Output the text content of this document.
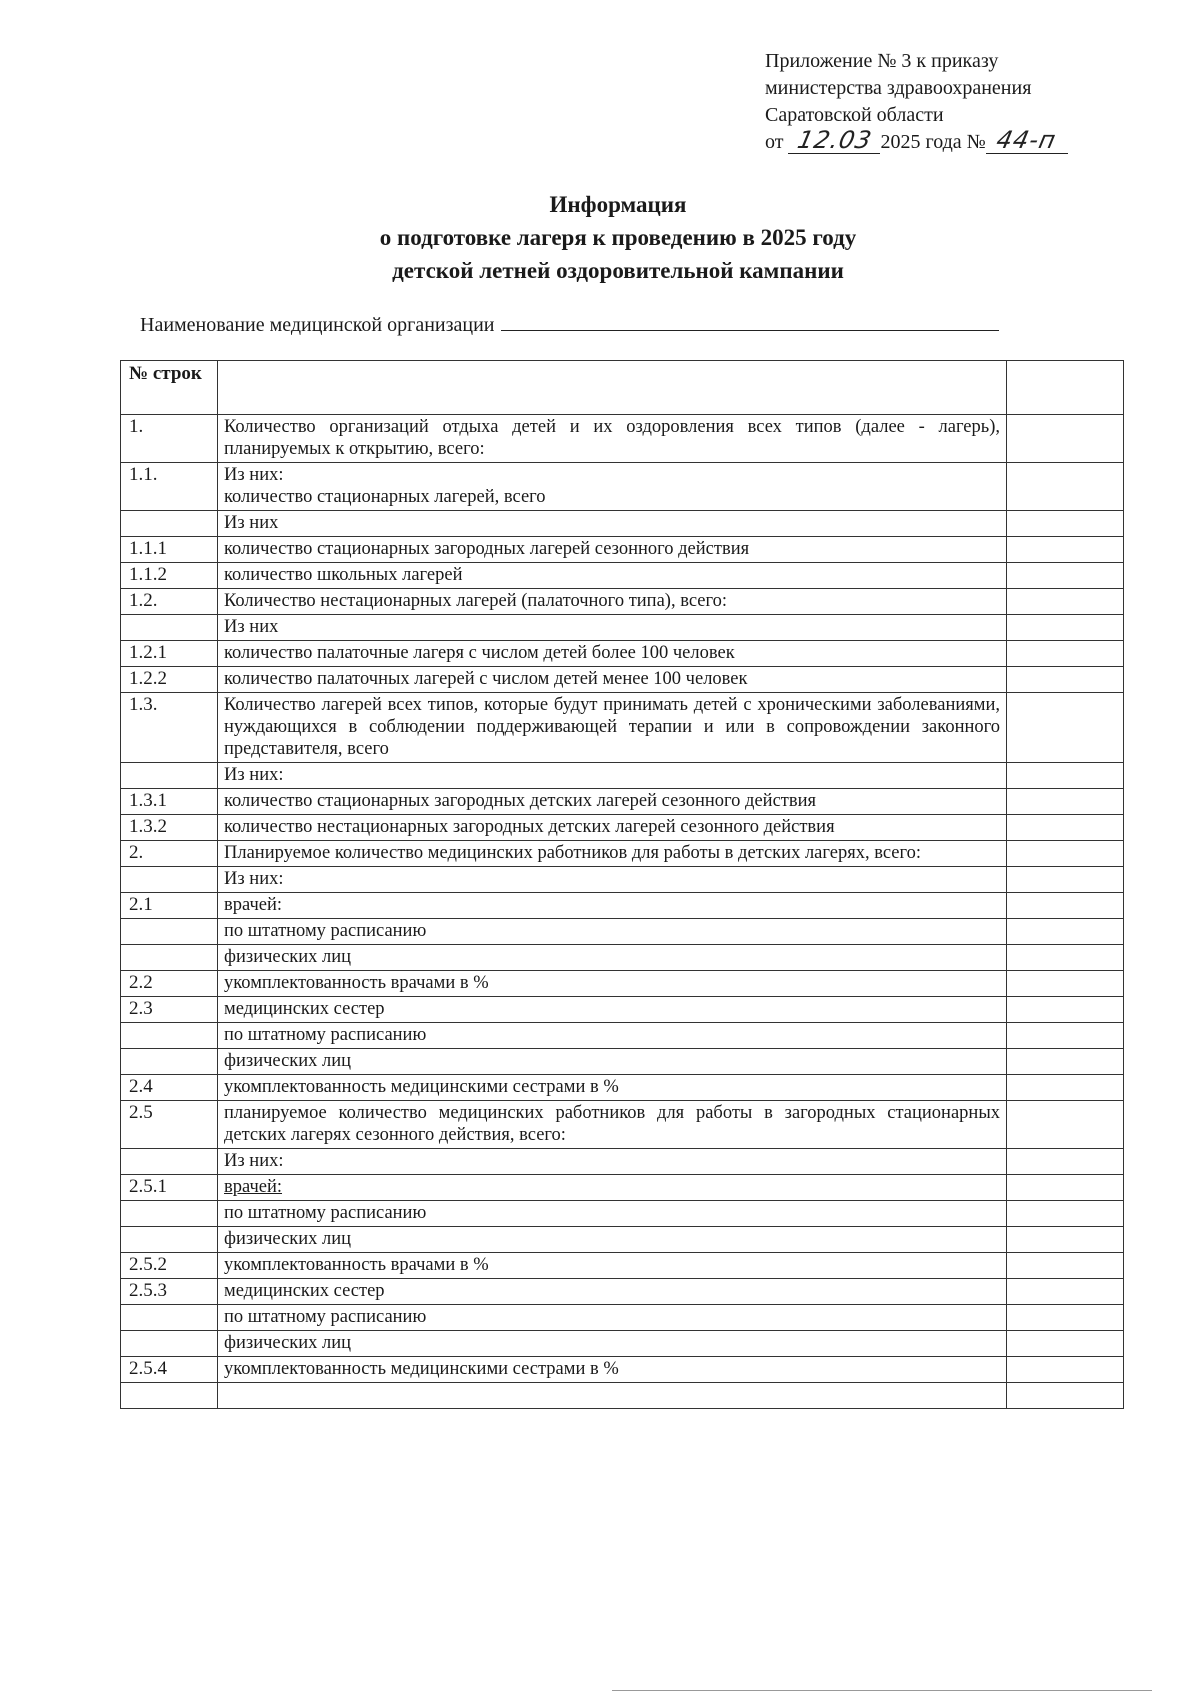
Приложение № 3 к приказу
министерства здравоохранения
Саратовской области
от 12.03 2025 года № 44-п
Информация
о подготовке лагеря к проведению в 2025 году
детской летней оздоровительной кампании
Наименование медицинской организации
№ строк		
1.	Количество организаций отдыха детей и их оздоровления всех типов (далее - лагерь), планируемых к открытию, всего:	
1.1.	Из них:
количество стационарных лагерей, всего	
	Из них	
1.1.1	количество стационарных загородных лагерей сезонного действия	
1.1.2	количество школьных лагерей	
1.2.	Количество нестационарных лагерей (палаточного типа), всего:	
	Из них	
1.2.1	количество палаточные лагеря с числом детей более 100 человек	
1.2.2	количество палаточных лагерей с числом детей менее 100 человек	
1.3.	Количество лагерей всех типов, которые будут принимать детей с хроническими заболеваниями, нуждающихся в соблюдении поддерживающей терапии и или в сопровождении законного представителя, всего	
	Из них:	
1.3.1	количество стационарных загородных детских лагерей сезонного действия	
1.3.2	количество нестационарных загородных детских лагерей сезонного действия	
2.	Планируемое количество медицинских работников для работы в детских лагерях, всего:	
	Из них:	
2.1	врачей:	
	по штатному расписанию	
	физических лиц	
2.2	укомплектованность врачами в %	
2.3	медицинских сестер	
	по штатному расписанию	
	физических лиц	
2.4	укомплектованность медицинскими сестрами в %	
2.5	планируемое количество медицинских работников для работы в загородных стационарных детских лагерях сезонного действия, всего:	
	Из них:	
2.5.1	врачей:	
	по штатному расписанию	
	физических лиц	
2.5.2	укомплектованность врачами в %	
2.5.3	медицинских сестер	
	по штатному расписанию	
	физических лиц	
2.5.4	укомплектованность медицинскими сестрами в %	
